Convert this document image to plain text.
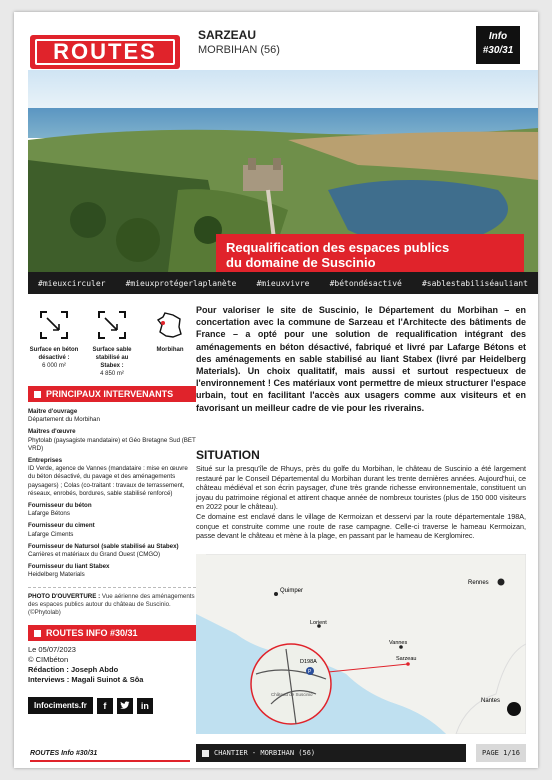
ROUTES
SARZEAU
MORBIHAN (56)
Info
#30/31
Requalification des espaces publics
du domaine de Suscinio
#mieuxcirculer	#mieuxprotégerlaplanète	#mieuxvivre	#bétondésactivé	#sablestabiliséauliant
Surface en béton désactivé :
6 000 m²
Surface sable stabilisé au Stabex :
4 850 m²
Morbihan
PRINCIPAUX INTERVENANTS
Maître d'ouvrage
Département du Morbihan
Maîtres d'œuvre
Phytolab (paysagiste mandataire) et Géo Bretagne Sud (BET VRD)
Entreprises
ID Verde, agence de Vannes (mandataire : mise en œuvre du béton désactivé, du pavage et des aménagements paysagers) ; Colas (co-traitant : travaux de terrassement, réseaux, enrobés, bordures, sable stabilisé renforcé)
Fournisseur du béton
Lafarge Bétons
Fournisseur du ciment
Lafarge Ciments
Fournisseur de Natursol (sable stabilisé au Stabex)
Carrières et matériaux du Grand Ouest (CMGO)
Fournisseur du liant Stabex
Heidelberg Materials
PHOTO D'OUVERTURE : Vue aérienne des aménagements des espaces publics autour du château de Suscinio. (©Phytolab)
ROUTES INFO #30/31
Le 05/07/2023
© CIMbéton
Rédaction : Joseph Abdo
Interviews : Magali Suinot & Sôa
Infociments.fr	f	in
Pour valoriser le site de Suscinio, le Département du Morbihan – en concertation avec la commune de Sarzeau et l'Architecte des bâtiments de France – a opté pour une solution de requalification intégrant des aménagements en béton désactivé, fabriqué et livré par Lafarge Bétons et des aménagements en sable stabilisé au liant Stabex (livré par Heidelberg Materials). Un choix qualitatif, mais aussi et surtout respectueux de l'environnement ! Ces matériaux vont permettre de mieux structurer l'espace urbain, tout en facilitant l'accès aux usagers comme aux visiteurs et en favorisant un meilleur cadre de vie pour les riverains.
SITUATION

Situé sur la presqu'île de Rhuys, près du golfe du Morbihan, le château de Suscinio a été largement restauré par le Conseil Départemental du Morbihan durant les trente dernières années. Aujourd'hui, ce château médiéval et son écrin paysager, d'une très grande richesse environnementale, constituent un joyau du patrimoine régional et attirent chaque année de nombreux touristes (plus de 150 000 visiteurs en 2022 pour le château).

Ce domaine est enclavé dans le village de Kermoizan et desservi par la route départementale 198A, conçue et construite comme une route de rase campagne. Celle-ci traverse le hameau Kermoizan, passe devant le château et mène à la plage, en passant par le hameau de Kerglomirec.

Quimper
Rennes
Lorient
Vannes
Sarzeau
Nantes
P
D198A
Château de Suscinio
ROUTES Info #30/31	CHANTIER - MORBIHAN (56)	PAGE 1/16
